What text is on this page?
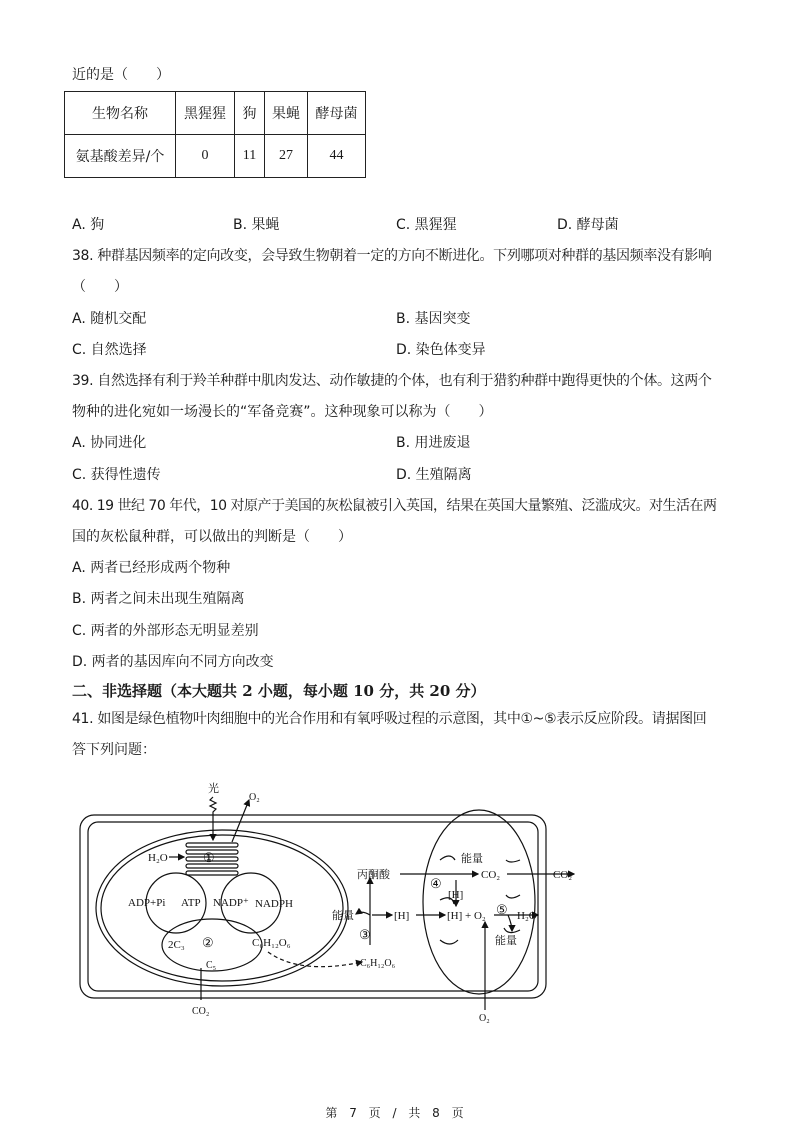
近的是（　　）
生物名称	黑猩猩	狗	果蝇	酵母菌
氨基酸差异/个	0	11	27	44
A. 狗	B. 果蝇	C. 黑猩猩	D. 酵母菌
38. 种群基因频率的定向改变，会导致生物朝着一定的方向不断进化。下列哪项对种群的基因频率没有影响
（　　）
A. 随机交配	B. 基因突变
C. 自然选择	D. 染色体变异
39. 自然选择有利于羚羊种群中肌肉发达、动作敏捷的个体，也有利于猎豹种群中跑得更快的个体。这两个
物种的进化宛如一场漫长的“军备竞赛”。这种现象可以称为（　　）
A. 协同进化	B. 用进废退
C. 获得性遗传	D. 生殖隔离
40. 19 世纪 70 年代，10 对原产于美国的灰松鼠被引入英国，结果在英国大量繁殖、泛滥成灾。对生活在两
国的灰松鼠种群，可以做出的判断是（　　）
A. 两者已经形成两个物种
B. 两者之间未出现生殖隔离
C. 两者的外部形态无明显差别
D. 两者的基因库向不同方向改变
二、非选择题（本大题共 2 小题，每小题 10 分，共 20 分）
41. 如图是绿色植物叶肉细胞中的光合作用和有氧呼吸过程的示意图，其中①~⑤表示反应阶段。请据图回
答下列问题：
光
O₂
H₂O	①
ADP+Pi ATP NADP⁺ NADPH
2C₃ ②	C₆H₁₂O₆
C₅
CO₂
丙酮酸
能量	[H]
③
C₆H₁₂O₆
能量
④
[H]
CO₂	CO₂
[H] + O₂ ⑤ H₂O
能量
O₂
第 7 页 / 共 8 页
